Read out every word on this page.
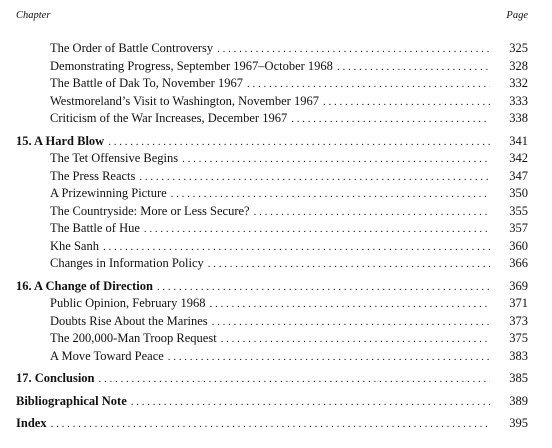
Chapter	Page
The Order of Battle Controversy . . .	325
Demonstrating Progress, September 1967–October 1968 . . .	328
The Battle of Dak To, November 1967 . . .	332
Westmoreland’s Visit to Washington, November 1967 . . .	333
Criticism of the War Increases, December 1967 . . .	338
15. A Hard Blow . . .	341
The Tet Offensive Begins . . .	342
The Press Reacts . . .	347
A Prizewinning Picture . . .	350
The Countryside: More or Less Secure? . . .	355
The Battle of Hue . . .	357
Khe Sanh . . .	360
Changes in Information Policy . . .	366
16. A Change of Direction . . .	369
Public Opinion, February 1968 . . .	371
Doubts Rise About the Marines . . .	373
The 200,000-Man Troop Request . . .	375
A Move Toward Peace . . .	383
17. Conclusion . . .	385
Bibliographical Note . . .	389
Index . . .	395
